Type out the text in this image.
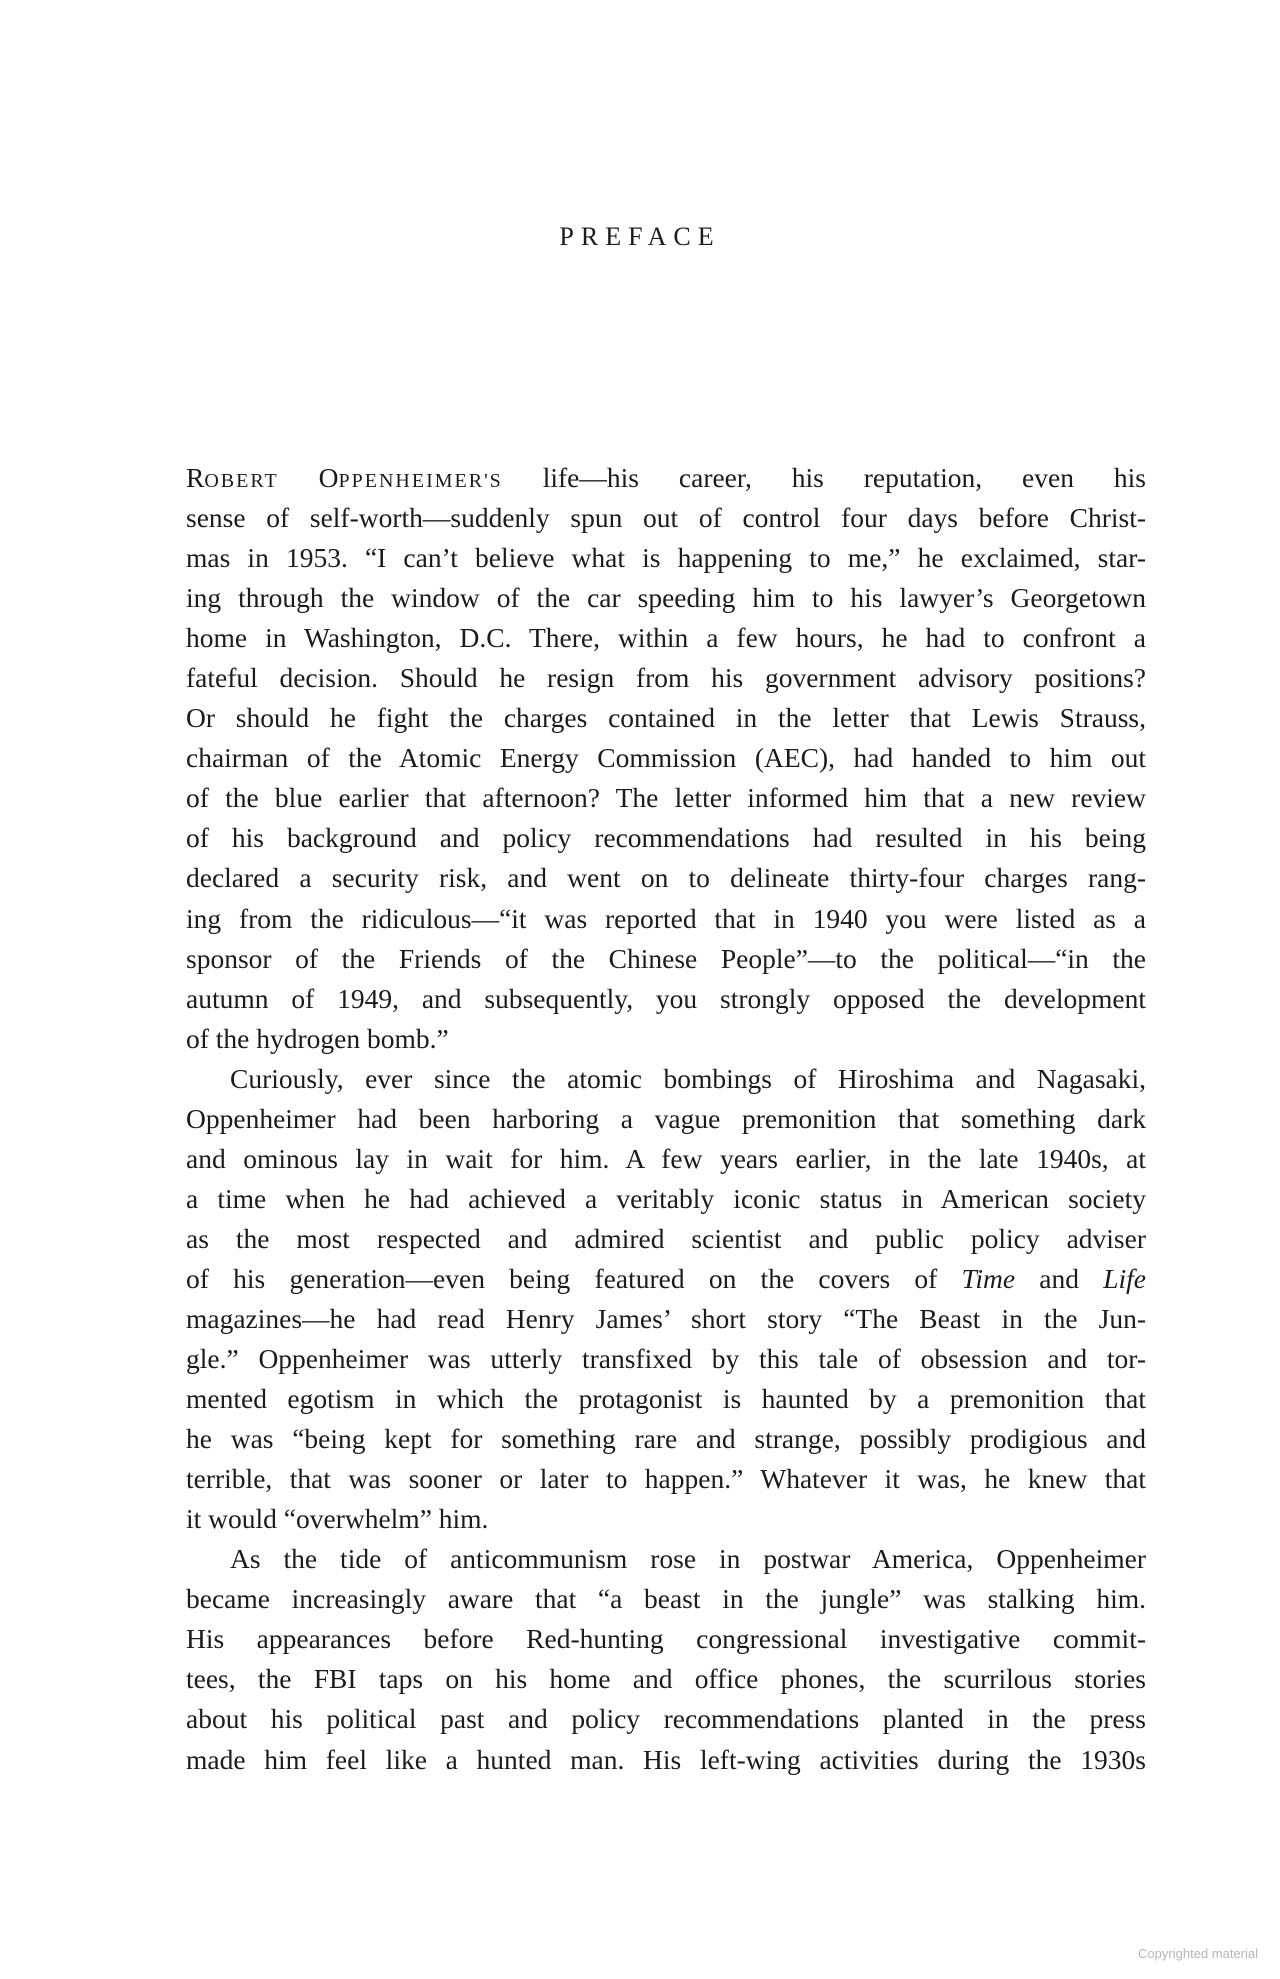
PREFACE
ROBERT OPPENHEIMER'S life—his career, his reputation, even his
sense of self-worth—suddenly spun out of control four days before Christ-
mas in 1953. “I can’t believe what is happening to me,” he exclaimed, star-
ing through the window of the car speeding him to his lawyer’s Georgetown
home in Washington, D.C. There, within a few hours, he had to confront a
fateful decision. Should he resign from his government advisory positions?
Or should he fight the charges contained in the letter that Lewis Strauss,
chairman of the Atomic Energy Commission (AEC), had handed to him out
of the blue earlier that afternoon? The letter informed him that a new review
of his background and policy recommendations had resulted in his being
declared a security risk, and went on to delineate thirty-four charges rang-
ing from the ridiculous—“it was reported that in 1940 you were listed as a
sponsor of the Friends of the Chinese People”—to the political—“in the
autumn of 1949, and subsequently, you strongly opposed the development
of the hydrogen bomb.”
Curiously, ever since the atomic bombings of Hiroshima and Nagasaki,
Oppenheimer had been harboring a vague premonition that something dark
and ominous lay in wait for him. A few years earlier, in the late 1940s, at
a time when he had achieved a veritably iconic status in American society
as the most respected and admired scientist and public policy adviser
of his generation—even being featured on the covers of Time and Life
magazines—he had read Henry James’ short story “The Beast in the Jun-
gle.” Oppenheimer was utterly transfixed by this tale of obsession and tor-
mented egotism in which the protagonist is haunted by a premonition that
he was “being kept for something rare and strange, possibly prodigious and
terrible, that was sooner or later to happen.” Whatever it was, he knew that
it would “overwhelm” him.
As the tide of anticommunism rose in postwar America, Oppenheimer
became increasingly aware that “a beast in the jungle” was stalking him.
His appearances before Red-hunting congressional investigative commit-
tees, the FBI taps on his home and office phones, the scurrilous stories
about his political past and policy recommendations planted in the press
made him feel like a hunted man. His left-wing activities during the 1930s
Copyrighted material
